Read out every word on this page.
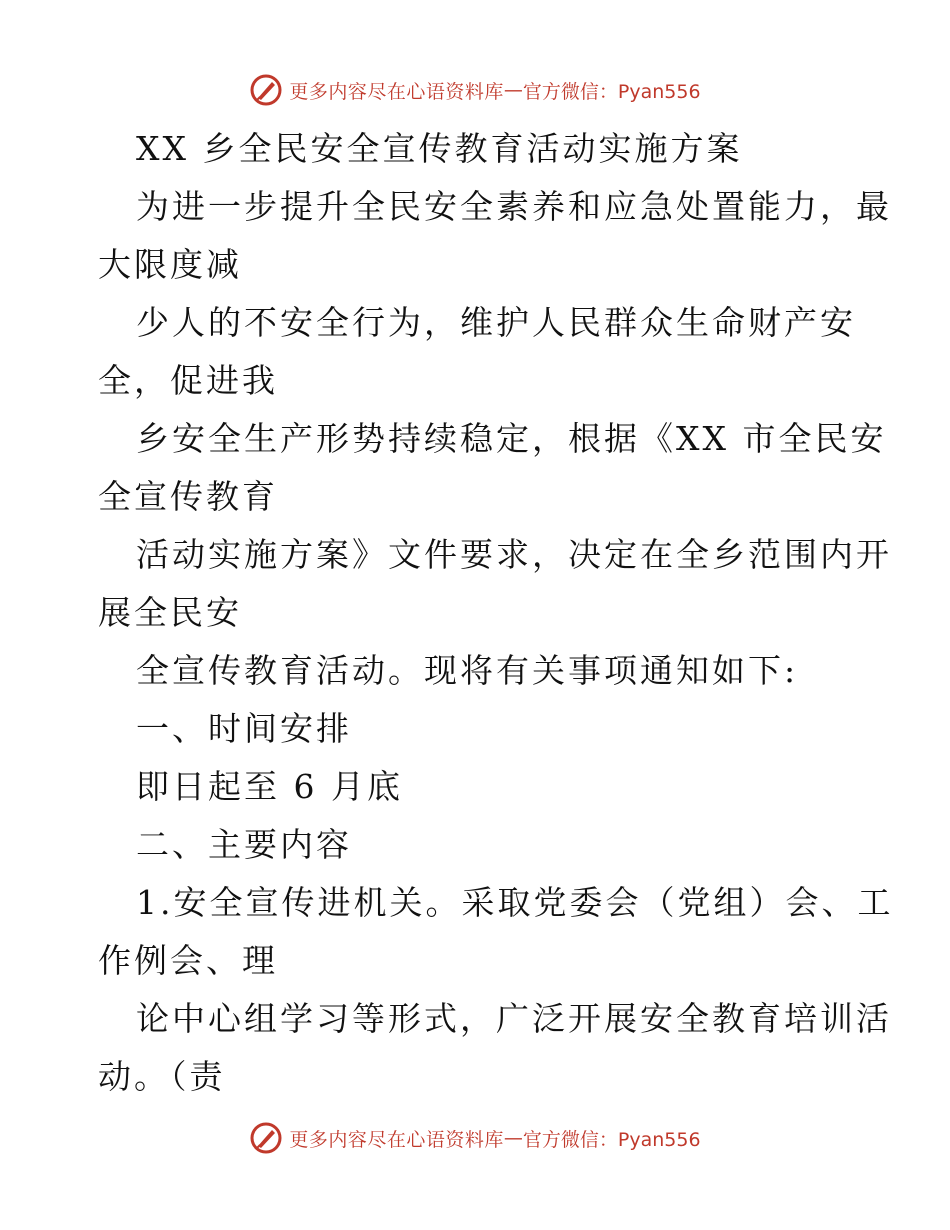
更多内容尽在心语资料库 — 官方微信：Pyan556
XX 乡全民安全宣传教育活动实施方案
为进一步提升全民安全素养和应急处置能力，最
大限度减
少人的不安全行为，维护人民群众生命财产安
全，促进我
乡安全生产形势持续稳定，根据《XX 市全民安
全宣传教育
活动实施方案》文件要求，决定在全乡范围内开
展全民安
全宣传教育活动。现将有关事项通知如下:
一、时间安排
即日起至 6 月底
二、主要内容
1.安全宣传进机关。采取党委会（党组）会、工
作例会、理
论中心组学习等形式，广泛开展安全教育培训活
动。（责
更多内容尽在心语资料库 — 官方微信：Pyan556
